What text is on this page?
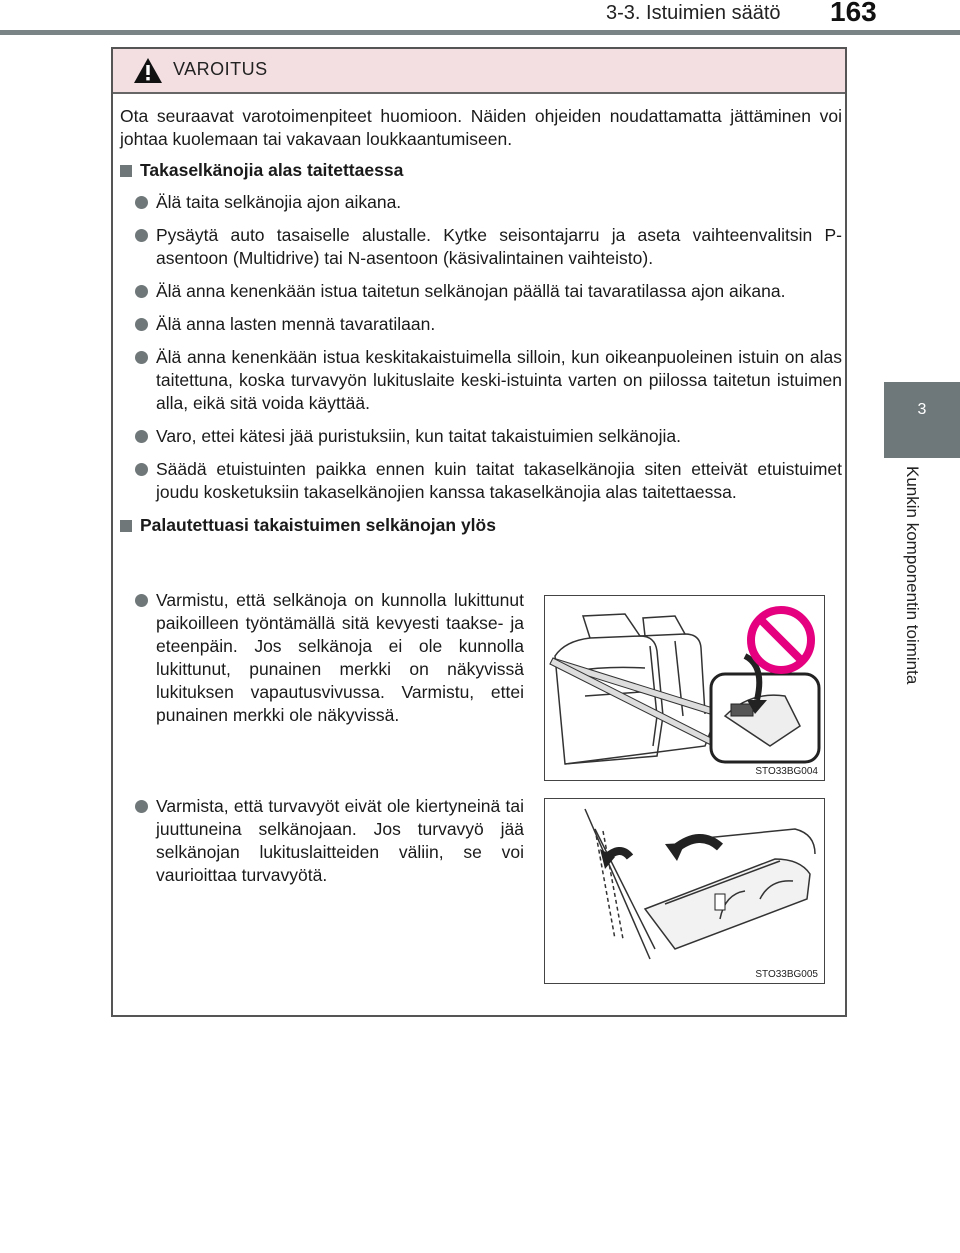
3-3. Istuimien säätö 163
3
Kunkin komponentin toiminta
VAROITUS

Ota seuraavat varotoimenpiteet huomioon. Näiden ohjeiden noudattamatta jättäminen voi johtaa kuolemaan tai vakavaan loukkaantumiseen.

Takaselkänojia alas taitettaessa
Älä taita selkänojia ajon aikana.
Pysäytä auto tasaiselle alustalle. Kytke seisontajarru ja aseta vaihteenvalitsin P-asentoon (Multidrive) tai N-asentoon (käsivalintainen vaihteisto).
Älä anna kenenkään istua taitetun selkänojan päällä tai tavaratilassa ajon aikana.
Älä anna lasten mennä tavaratilaan.
Älä anna kenenkään istua keskitakaistuimella silloin, kun oikeanpuoleinen istuin on alas taitettuna, koska turvavyön lukituslaite keski-istuinta varten on piilossa taitetun istuimen alla, eikä sitä voida käyttää.
Varo, ettei kätesi jää puristuksiin, kun taitat takaistuimien selkänojia.
Säädä etuistuinten paikka ennen kuin taitat takaselkänojia siten etteivät etuistuimet joudu kosketuksiin takaselkänojien kanssa takaselkänojia alas taitettaessa.
Palautettuasi takaistuimen selkänojan ylös
Varmistu, että selkänoja on kunnolla lukittunut paikoilleen työntämällä sitä kevyesti taakse- ja eteenpäin. Jos selkänoja ei ole kunnolla lukittunut, punainen merkki on näkyvissä lukituksen vapautusvivussa. Varmistu, ettei punainen merkki ole näkyvissä.
STO33BG004
Varmista, että turvavyöt eivät ole kiertyneinä tai juuttuneina selkänojaan. Jos turvavyö jää selkänojan lukituslaitteiden väliin, se voi vaurioittaa turvavyötä.
STO33BG005
